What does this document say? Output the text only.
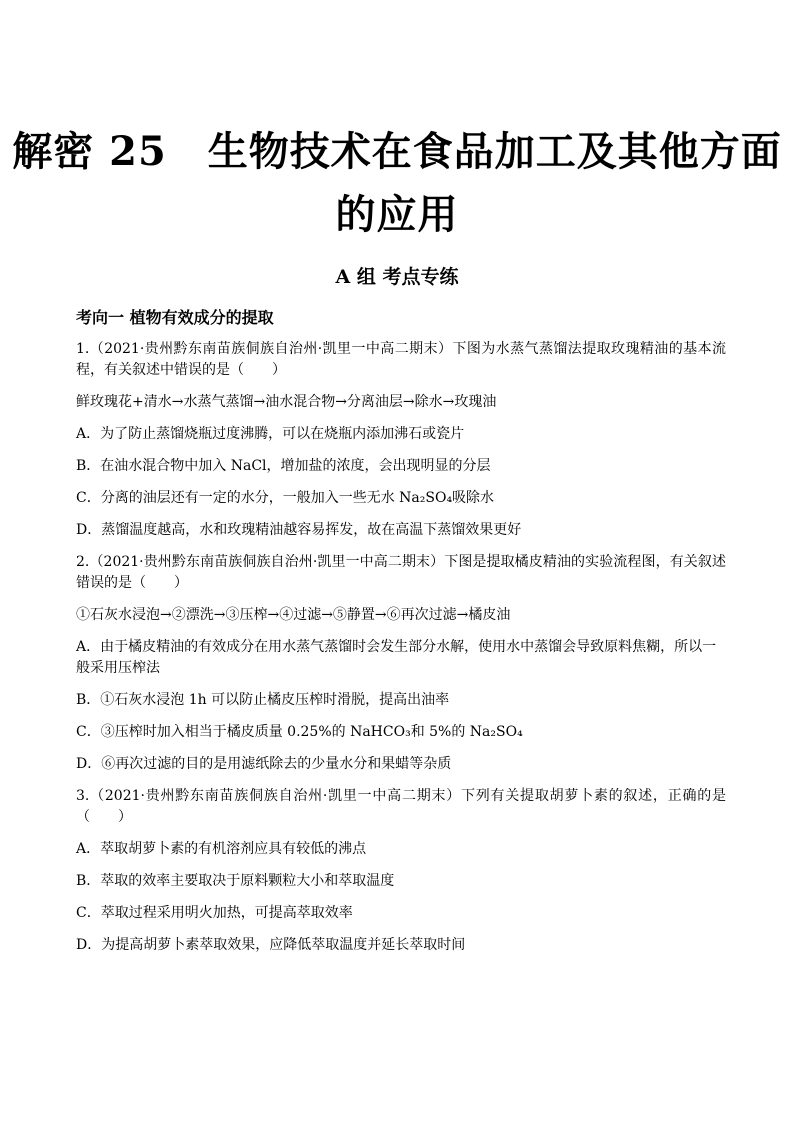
解密 25　生物技术在食品加工及其他方面
的应用
A 组 考点专练
考向一 植物有效成分的提取

1.（2021·贵州黔东南苗族侗族自治州·凯里一中高二期末）下图为水蒸气蒸馏法提取玫瑰精油的基本流程，有关叙述中错误的是（　　）

鲜玫瑰花+清水→水蒸气蒸馏→油水混合物→分离油层→除水→玫瑰油

A．为了防止蒸馏烧瓶过度沸腾，可以在烧瓶内添加沸石或瓷片

B．在油水混合物中加入 NaCl，增加盐的浓度，会出现明显的分层

C．分离的油层还有一定的水分，一般加入一些无水 Na₂SO₄吸除水

D．蒸馏温度越高，水和玫瑰精油越容易挥发，故在高温下蒸馏效果更好

2.（2021·贵州黔东南苗族侗族自治州·凯里一中高二期末）下图是提取橘皮精油的实验流程图，有关叙述错误的是（　　）

①石灰水浸泡→②漂洗→③压榨→④过滤→⑤静置→⑥再次过滤→橘皮油

A．由于橘皮精油的有效成分在用水蒸气蒸馏时会发生部分水解，使用水中蒸馏会导致原料焦糊，所以一般采用压榨法

B．①石灰水浸泡 1h 可以防止橘皮压榨时滑脱，提高出油率

C．③压榨时加入相当于橘皮质量 0.25%的 NaHCO₃和 5%的 Na₂SO₄

D．⑥再次过滤的目的是用滤纸除去的少量水分和果蜡等杂质

3.（2021·贵州黔东南苗族侗族自治州·凯里一中高二期末）下列有关提取胡萝卜素的叙述，正确的是（　　）

A．萃取胡萝卜素的有机溶剂应具有较低的沸点

B．萃取的效率主要取决于原料颗粒大小和萃取温度

C．萃取过程采用明火加热，可提高萃取效率

D．为提高胡萝卜素萃取效果，应降低萃取温度并延长萃取时间
